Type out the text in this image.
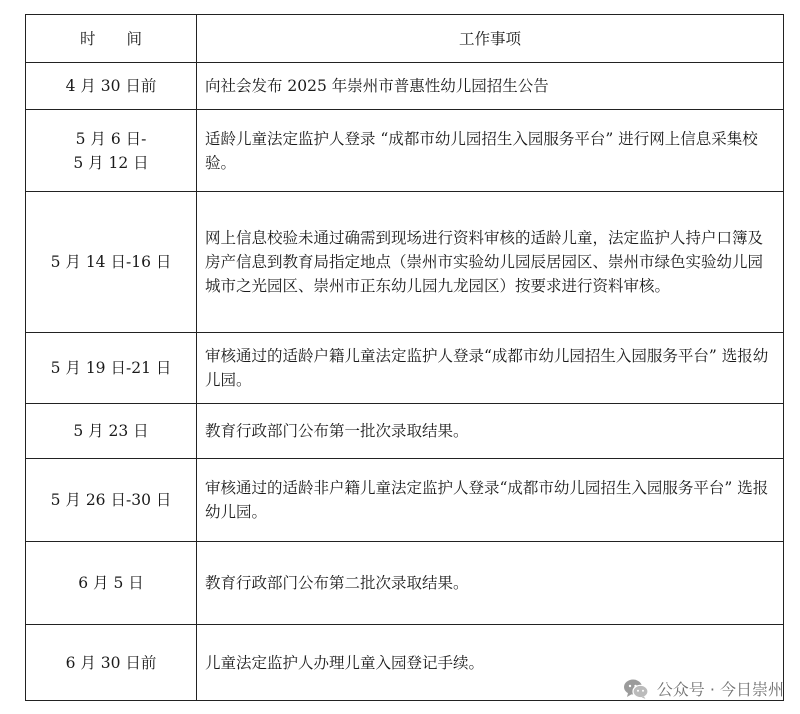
时　　间	工作事项
4 月 30 日前	向社会发布 2025 年崇州市普惠性幼儿园招生公告
5 月 6 日-
5 月 12 日	适龄儿童法定监护人登录 “成都市幼儿园招生入园服务平台” 进行网上信息采集校验。
5 月 14 日-16 日	网上信息校验未通过确需到现场进行资料审核的适龄儿童，法定监护人持户口簿及房产信息到教育局指定地点（崇州市实验幼儿园辰居园区、崇州市绿色实验幼儿园城市之光园区、崇州市正东幼儿园九龙园区）按要求进行资料审核。
5 月 19 日-21 日	审核通过的适龄户籍儿童法定监护人登录“成都市幼儿园招生入园服务平台” 选报幼儿园。
5 月 23 日	教育行政部门公布第一批次录取结果。
5 月 26 日-30 日	审核通过的适龄非户籍儿童法定监护人登录“成都市幼儿园招生入园服务平台” 选报幼儿园。
6 月 5 日	教育行政部门公布第二批次录取结果。
6 月 30 日前	儿童法定监护人办理儿童入园登记手续。
公众号 · 今日崇州
